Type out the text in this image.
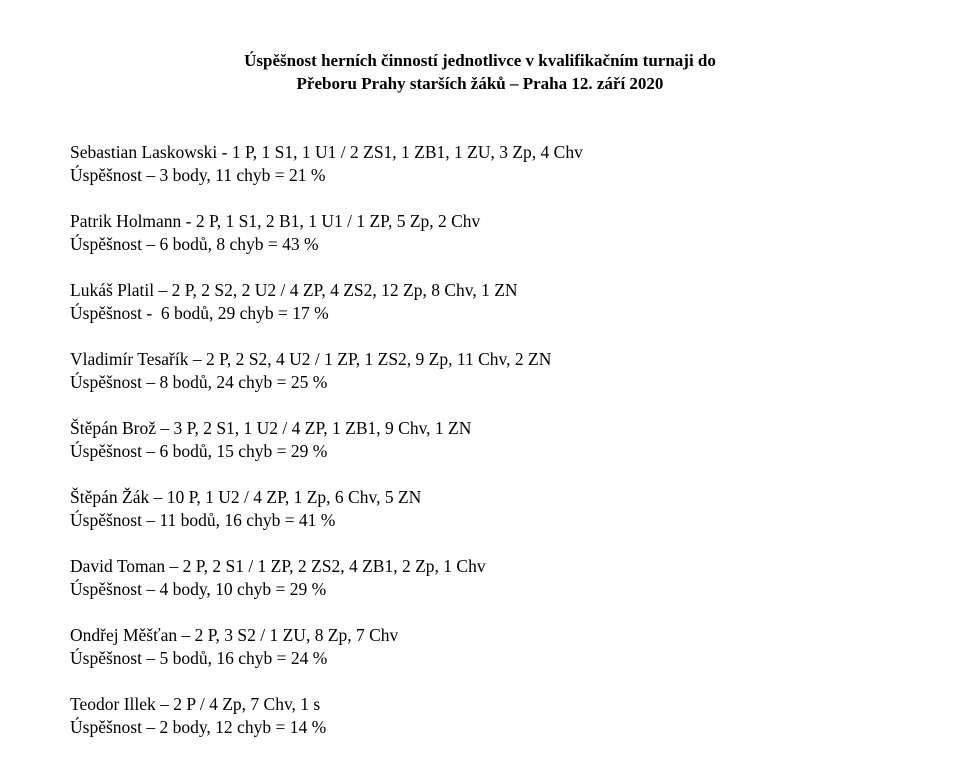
Úspěšnost herních činností jednotlivce v kvalifikačním turnaji do
Přeboru Prahy starších žáků – Praha 12. září 2020
Sebastian Laskowski - 1 P, 1 S1, 1 U1 / 2 ZS1, 1 ZB1, 1 ZU, 3 Zp, 4 Chv
Úspěšnost – 3 body, 11 chyb = 21 %
Patrik Holmann - 2 P, 1 S1, 2 B1, 1 U1 / 1 ZP, 5 Zp, 2 Chv
Úspěšnost – 6 bodů, 8 chyb = 43 %
Lukáš Platil – 2 P, 2 S2, 2 U2 / 4 ZP, 4 ZS2, 12 Zp, 8 Chv, 1 ZN
Úspěšnost -  6 bodů, 29 chyb = 17 %
Vladimír Tesařík – 2 P, 2 S2, 4 U2 / 1 ZP, 1 ZS2, 9 Zp, 11 Chv, 2 ZN
Úspěšnost – 8 bodů, 24 chyb = 25 %
Štěpán Brož – 3 P, 2 S1, 1 U2 / 4 ZP, 1 ZB1, 9 Chv, 1 ZN
Úspěšnost – 6 bodů, 15 chyb = 29 %
Štěpán Žák – 10 P, 1 U2 / 4 ZP, 1 Zp, 6 Chv, 5 ZN
Úspěšnost – 11 bodů, 16 chyb = 41 %
David Toman – 2 P, 2 S1 / 1 ZP, 2 ZS2, 4 ZB1, 2 Zp, 1 Chv
Úspěšnost – 4 body, 10 chyb = 29 %
Ondřej Měšťan – 2 P, 3 S2 / 1 ZU, 8 Zp, 7 Chv
Úspěšnost – 5 bodů, 16 chyb = 24 %
Teodor Illek – 2 P / 4 Zp, 7 Chv, 1 s
Úspěšnost – 2 body, 12 chyb = 14 %
